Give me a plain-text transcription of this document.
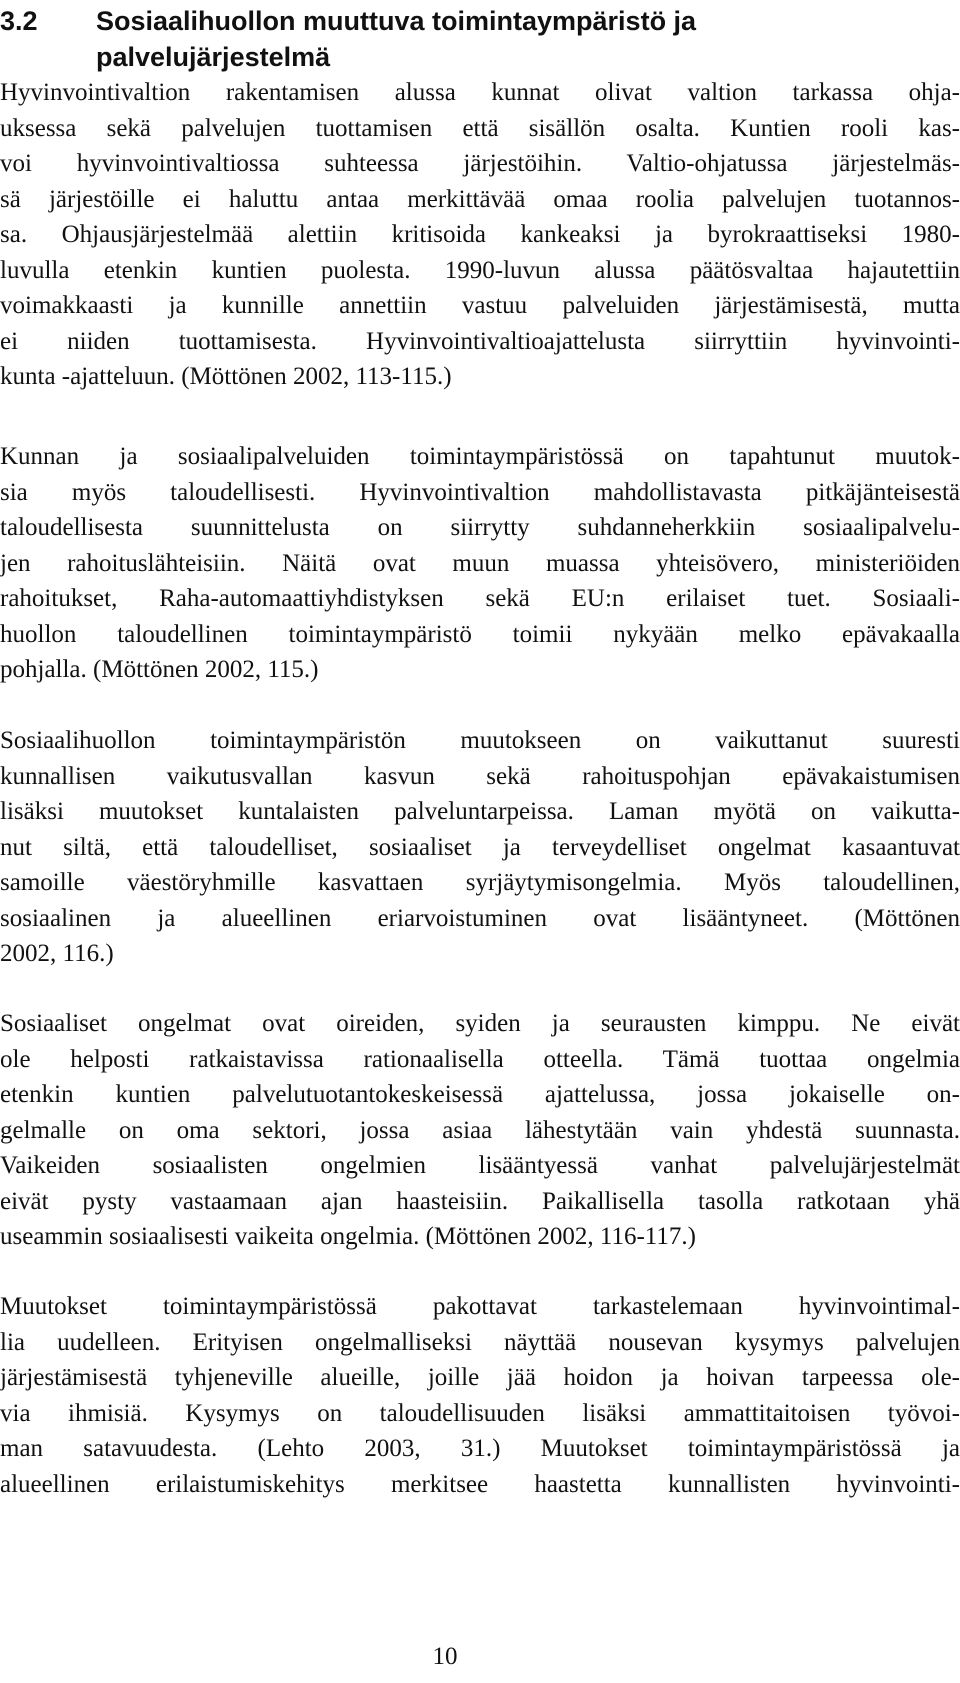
3.2 Sosiaalihuollon muuttuva toimintaympäristö ja
palvelujärjestelmä
Hyvinvointivaltion rakentamisen alussa kunnat olivat valtion tarkassa ohja-
uksessa sekä palvelujen tuottamisen että sisällön osalta. Kuntien rooli kas-
voi hyvinvointivaltiossa suhteessa järjestöihin. Valtio-ohjatussa järjestelmäs-
sä järjestöille ei haluttu antaa merkittävää omaa roolia palvelujen tuotannos-
sa. Ohjausjärjestelmää alettiin kritisoida kankeaksi ja byrokraattiseksi 1980-
luvulla etenkin kuntien puolesta. 1990-luvun alussa päätösvaltaa hajautettiin
voimakkaasti ja kunnille annettiin vastuu palveluiden järjestämisestä, mutta
ei niiden tuottamisesta. Hyvinvointivaltioajattelusta siirryttiin hyvinvointi-
kunta -ajatteluun. (Möttönen 2002, 113-115.)
Kunnan ja sosiaalipalveluiden toimintaympäristössä on tapahtunut muutok-
sia myös taloudellisesti. Hyvinvointivaltion mahdollistavasta pitkäjänteisestä
taloudellisesta suunnittelusta on siirrytty suhdanneherkkiin sosiaalipalvelu-
jen rahoituslähteisiin. Näitä ovat muun muassa yhteisövero, ministeriöiden
rahoitukset, Raha-automaattiyhdistyksen sekä EU:n erilaiset tuet. Sosiaali-
huollon taloudellinen toimintaympäristö toimii nykyään melko epävakaalla
pohjalla. (Möttönen 2002, 115.)
Sosiaalihuollon toimintaympäristön muutokseen on vaikuttanut suuresti
kunnallisen vaikutusvallan kasvun sekä rahoituspohjan epävakaistumisen
lisäksi muutokset kuntalaisten palveluntarpeissa. Laman myötä on vaikutta-
nut siltä, että taloudelliset, sosiaaliset ja terveydelliset ongelmat kasaantuvat
samoille väestöryhmille kasvattaen syrjäytymisongelmia. Myös taloudellinen,
sosiaalinen ja alueellinen eriarvoistuminen ovat lisääntyneet. (Möttönen
2002, 116.)
Sosiaaliset ongelmat ovat oireiden, syiden ja seurausten kimppu. Ne eivät
ole helposti ratkaistavissa rationaalisella otteella. Tämä tuottaa ongelmia
etenkin kuntien palvelutuotantokeskeisessä ajattelussa, jossa jokaiselle on-
gelmalle on oma sektori, jossa asiaa lähestytään vain yhdestä suunnasta.
Vaikeiden sosiaalisten ongelmien lisääntyessä vanhat palvelujärjestelmät
eivät pysty vastaamaan ajan haasteisiin. Paikallisella tasolla ratkotaan yhä
useammin sosiaalisesti vaikeita ongelmia. (Möttönen 2002, 116-117.)
Muutokset toimintaympäristössä pakottavat tarkastelemaan hyvinvointimal-
lia uudelleen. Erityisen ongelmalliseksi näyttää nousevan kysymys palvelujen
järjestämisestä tyhjeneville alueille, joille jää hoidon ja hoivan tarpeessa ole-
via ihmisiä. Kysymys on taloudellisuuden lisäksi ammattitaitoisen työvoi-
man satavuudesta. (Lehto 2003, 31.) Muutokset toimintaympäristössä ja
alueellinen erilaistumiskehitys merkitsee haastetta kunnallisten hyvinvointi-
10
